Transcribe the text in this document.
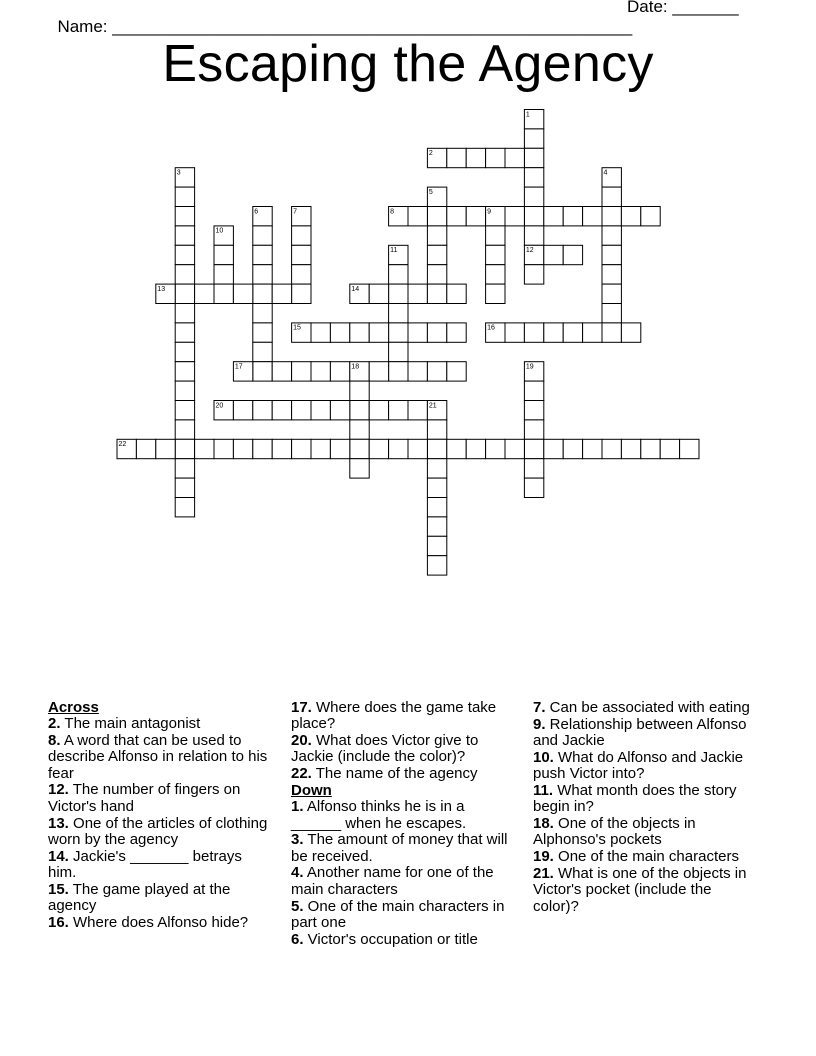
Name: _______________________________________________________

Date: _______

Escaping the Agency
1
2
3	4
5
6	7	8	9
10
11	12
13	14
15	16
17	18	19
20	21
22

Across

2. The main antagonist

8. A word that can be used to describe Alfonso in relation to his fear

12. The number of fingers on Victor's hand

13. One of the articles of clothing worn by the agency

14. Jackie's _______ betrays him.

15. The game played at the agency

16. Where does Alfonso hide?

17. Where does the game take place?

20. What does Victor give to Jackie (include the color)?

22. The name of the agency

Down

1. Alfonso thinks he is in a ______ when he escapes.

3. The amount of money that will be received.

4. Another name for one of the main characters

5. One of the main characters in part one

6. Victor's occupation or title

7. Can be associated with eating

9. Relationship between Alfonso and Jackie

10. What do Alfonso and Jackie push Victor into?

11. What month does the story begin in?

18. One of the objects in Alphonso's pockets

19. One of the main characters

21. What is one of the objects in Victor's pocket (include the color)?
